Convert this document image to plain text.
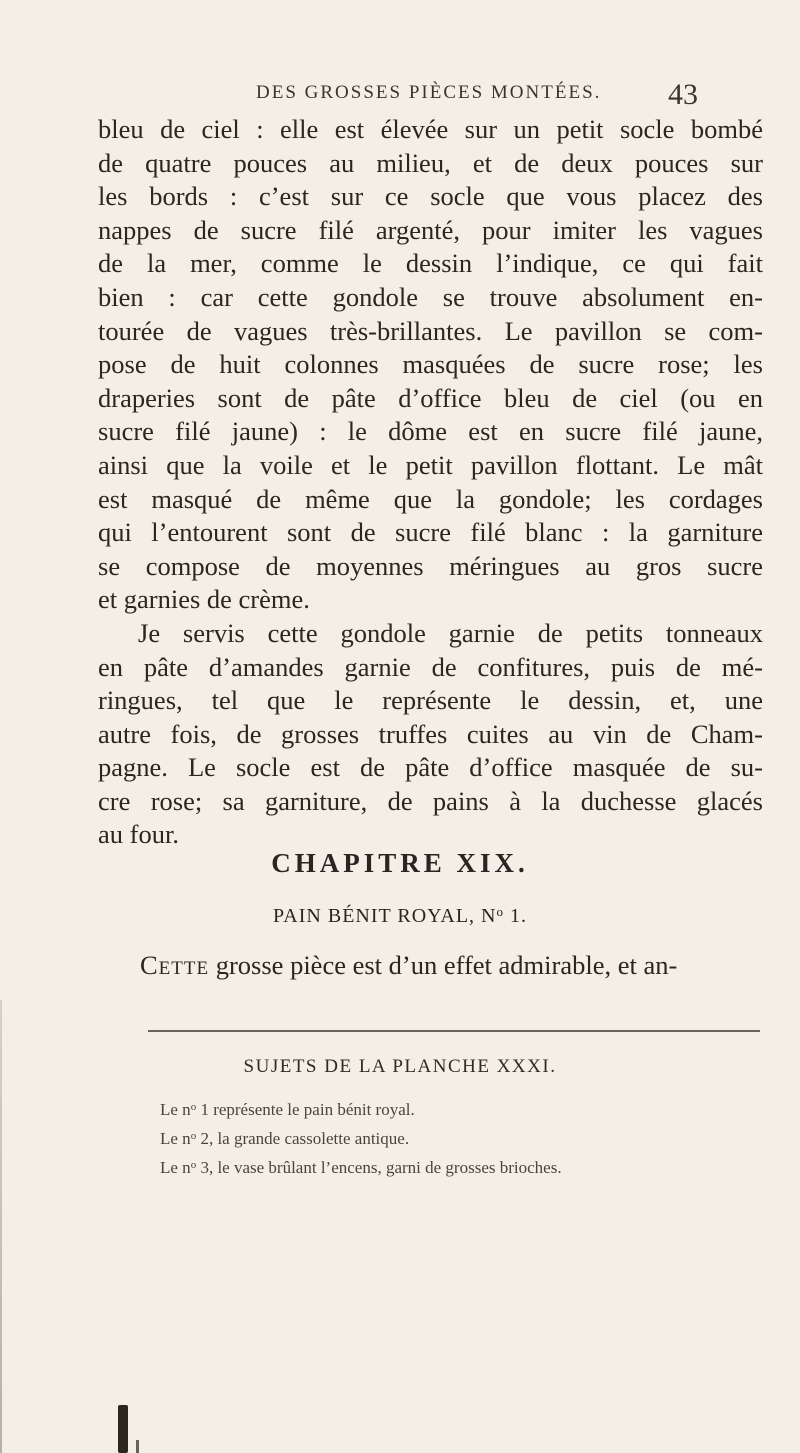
DES GROSSES PIÈCES MONTÉES. 43

bleu de ciel : elle est élevée sur un petit socle bombé
de quatre pouces au milieu, et de deux pouces sur
les bords : c’est sur ce socle que vous placez des
nappes de sucre filé argenté, pour imiter les vagues
de la mer, comme le dessin l’indique, ce qui fait
bien : car cette gondole se trouve absolument en-
tourée de vagues très-brillantes. Le pavillon se com-
pose de huit colonnes masquées de sucre rose; les
draperies sont de pâte d’office bleu de ciel (ou en
sucre filé jaune) : le dôme est en sucre filé jaune,
ainsi que la voile et le petit pavillon flottant. Le mât
est masqué de même que la gondole; les cordages
qui l’entourent sont de sucre filé blanc : la garniture
se compose de moyennes méringues au gros sucre
et garnies de crème.

Je servis cette gondole garnie de petits tonneaux
en pâte d’amandes garnie de confitures, puis de mé-
ringues, tel que le représente le dessin, et, une
autre fois, de grosses truffes cuites au vin de Cham-
pagne. Le socle est de pâte d’office masquée de su-
cre rose; sa garniture, de pains à la duchesse glacés
au four.

CHAPITRE XIX.
PAIN BÉNIT ROYAL, $N^o$ 1.
Cette grosse pièce est d’un effet admirable, et an-
SUJETS DE LA PLANCHE XXXI.
Le $n^o$ 1 représente le pain bénit royal.
Le $n^o$ 2, la grande cassolette antique.
Le $n^o$ 3, le vase brûlant l’encens, garni de grosses brioches.
